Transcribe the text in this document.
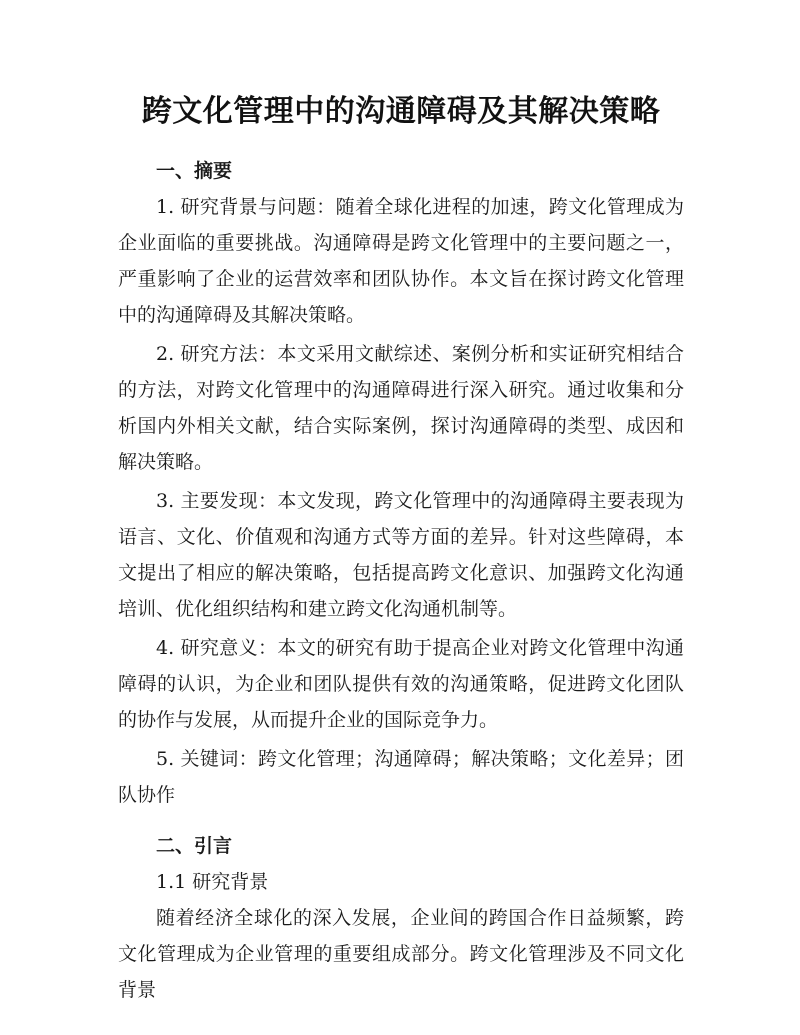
跨文化管理中的沟通障碍及其解决策略
一、摘要

1. 研究背景与问题：随着全球化进程的加速，跨文化管理成为企业面临的重要挑战。沟通障碍是跨文化管理中的主要问题之一，严重影响了企业的运营效率和团队协作。本文旨在探讨跨文化管理中的沟通障碍及其解决策略。

2. 研究方法：本文采用文献综述、案例分析和实证研究相结合的方法，对跨文化管理中的沟通障碍进行深入研究。通过收集和分析国内外相关文献，结合实际案例，探讨沟通障碍的类型、成因和解决策略。

3. 主要发现：本文发现，跨文化管理中的沟通障碍主要表现为语言、文化、价值观和沟通方式等方面的差异。针对这些障碍，本文提出了相应的解决策略，包括提高跨文化意识、加强跨文化沟通培训、优化组织结构和建立跨文化沟通机制等。

4. 研究意义：本文的研究有助于提高企业对跨文化管理中沟通障碍的认识，为企业和团队提供有效的沟通策略，促进跨文化团队的协作与发展，从而提升企业的国际竞争力。

5. 关键词：跨文化管理；沟通障碍；解决策略；文化差异；团队协作

二、引言

1.1 研究背景

随着经济全球化的深入发展，企业间的跨国合作日益频繁，跨文化管理成为企业管理的重要组成部分。跨文化管理涉及不同文化背景
